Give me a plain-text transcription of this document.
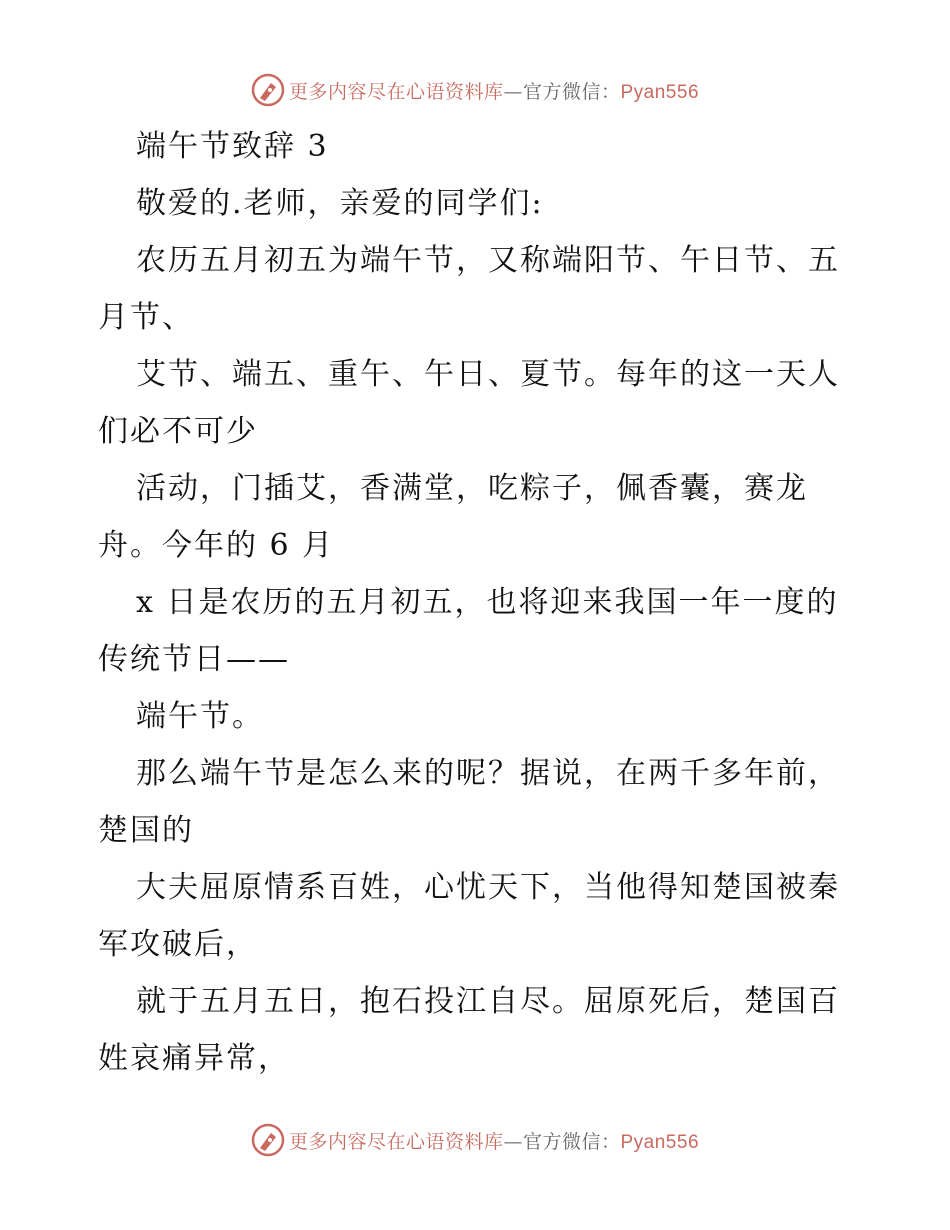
更多内容尽在心语资料库—官方微信：Pyan556

端午节致辞 3

敬爱的.老师，亲爱的同学们:

农历五月初五为端午节，又称端阳节、午日节、五月节、

艾节、端五、重午、午日、夏节。每年的这一天人们必不可少

活动，门插艾，香满堂，吃粽子，佩香囊，赛龙舟。今年的 6 月

x 日是农历的五月初五，也将迎来我国一年一度的传统节日——

端午节。

那么端午节是怎么来的呢？据说，在两千多年前，楚国的

大夫屈原情系百姓，心忧天下，当他得知楚国被秦军攻破后，

就于五月五日，抱石投江自尽。屈原死后，楚国百姓哀痛异常，

更多内容尽在心语资料库—官方微信：Pyan556
